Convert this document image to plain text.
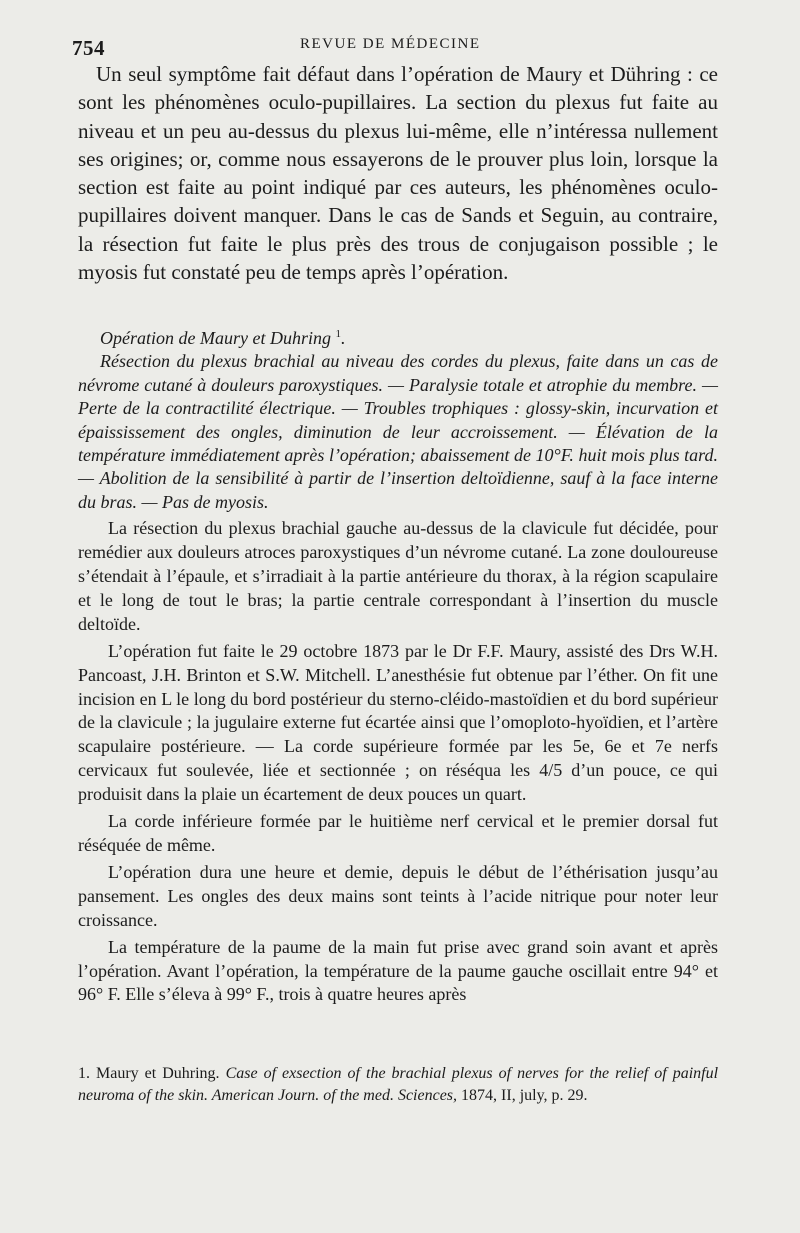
754	REVUE DE MÉDECINE

Un seul symptôme fait défaut dans l’opération de Maury et Dühring : ce sont les phénomènes oculo-pupillaires. La section du plexus fut faite au niveau et un peu au-dessus du plexus lui-même, elle n’intéressa nullement ses origines; or, comme nous essayerons de le prouver plus loin, lorsque la section est faite au point indiqué par ces auteurs, les phénomènes oculo-pupillaires doivent manquer. Dans le cas de Sands et Seguin, au contraire, la résection fut faite le plus près des trous de conjugaison possible ; le myosis fut constaté peu de temps après l’opération.

Opération de Maury et Duhring $^1$.

Résection du plexus brachial au niveau des cordes du plexus, faite dans un cas de névrome cutané à douleurs paroxystiques. — Paralysie totale et atrophie du membre. — Perte de la contractilité électrique. — Troubles trophiques : glossy-skin, incurvation et épaississement des ongles, diminution de leur accroissement. — Élévation de la température immédiatement après l’opération; abaissement de 10°F. huit mois plus tard. — Abolition de la sensibilité à partir de l’insertion deltoïdienne, sauf à la face interne du bras. — Pas de myosis.

La résection du plexus brachial gauche au-dessus de la clavicule fut décidée, pour remédier aux douleurs atroces paroxystiques d’un névrome cutané. La zone douloureuse s’étendait à l’épaule, et s’irradiait à la partie antérieure du thorax, à la région scapulaire et le long de tout le bras; la partie centrale correspondant à l’insertion du muscle deltoïde.

L’opération fut faite le 29 octobre 1873 par le Dr F.F. Maury, assisté des Drs W.H. Pancoast, J.H. Brinton et S.W. Mitchell. L’anesthésie fut obtenue par l’éther. On fit une incision en L le long du bord postérieur du sterno-cléido-mastoïdien et du bord supérieur de la clavicule ; la jugulaire externe fut écartée ainsi que l’omoploto-hyoïdien, et l’artère scapulaire postérieure. — La corde supérieure formée par les 5e, 6e et 7e nerfs cervicaux fut soulevée, liée et sectionnée ; on réséqua les 4/5 d’un pouce, ce qui produisit dans la plaie un écartement de deux pouces un quart.

La corde inférieure formée par le huitième nerf cervical et le premier dorsal fut réséquée de même.

L’opération dura une heure et demie, depuis le début de l’éthérisation jusqu’au pansement. Les ongles des deux mains sont teints à l’acide nitrique pour noter leur croissance.

La température de la paume de la main fut prise avec grand soin avant et après l’opération. Avant l’opération, la température de la paume gauche oscillait entre 94° et 96° F. Elle s’éleva à 99° F., trois à quatre heures après

1. Maury et Duhring. Case of exsection of the brachial plexus of nerves for the relief of painful neuroma of the skin. American Journ. of the med. Sciences, 1874, II, july, p. 29.
